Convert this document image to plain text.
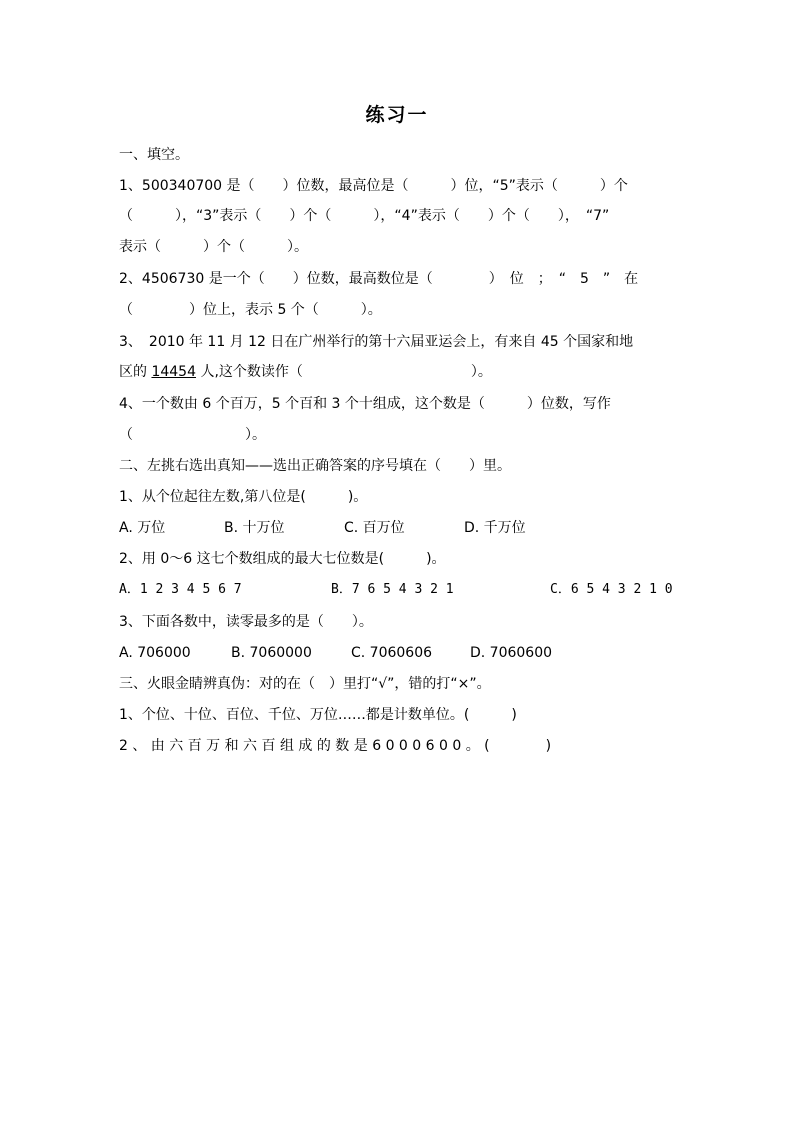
练习一
一、填空。
1、500340700 是（　　）位数，最高位是（　　　）位，“5”表示（　　　）个
（　　　），“3”表示（　　）个（　　　），“4”表示（　　）个（　　），　“7”
表示（　　　）个（　　　）。
2、4506730 是一个（　　）位数，最高数位是（　　　　）　位　；　“　5　”　在
（　　　　）位上，表示 5 个（　　　）。
3、　2010 年 11 月 12 日在广州举行的第十六届亚运会上，有来自 45 个国家和地
区的 14454 人,这个数读作（　　　　　　　　　　　　）。
4、一个数由 6 个百万，5 个百和 3 个十组成，这个数是（　　　）位数，写作
（　　　　　　　　）。
二、左挑右选出真知——选出正确答案的序号填在（　　）里。
1、从个位起往左数,第八位是(　　　)。
A. 万位	B. 十万位	C. 百万位	D. 千万位
2、用 0～6 这七个数组成的最大七位数是(　　　)。
A．1 2 3 4 5 6 7	B．7 6 5 4 3 2 1	C．6 5 4 3 2 1 0
3、下面各数中，读零最多的是（　　）。
A. 706000	B. 7060000	C. 7060606	D. 7060600
三、火眼金睛辨真伪：对的在（　）里打“√”，错的打“×”。
1、个位、十位、百位、千位、万位……都是计数单位。(　　　)
2 、 由 六 百 万 和 六 百 组 成 的 数 是 6 0 0 0 6 0 0 。 (　　　　)
